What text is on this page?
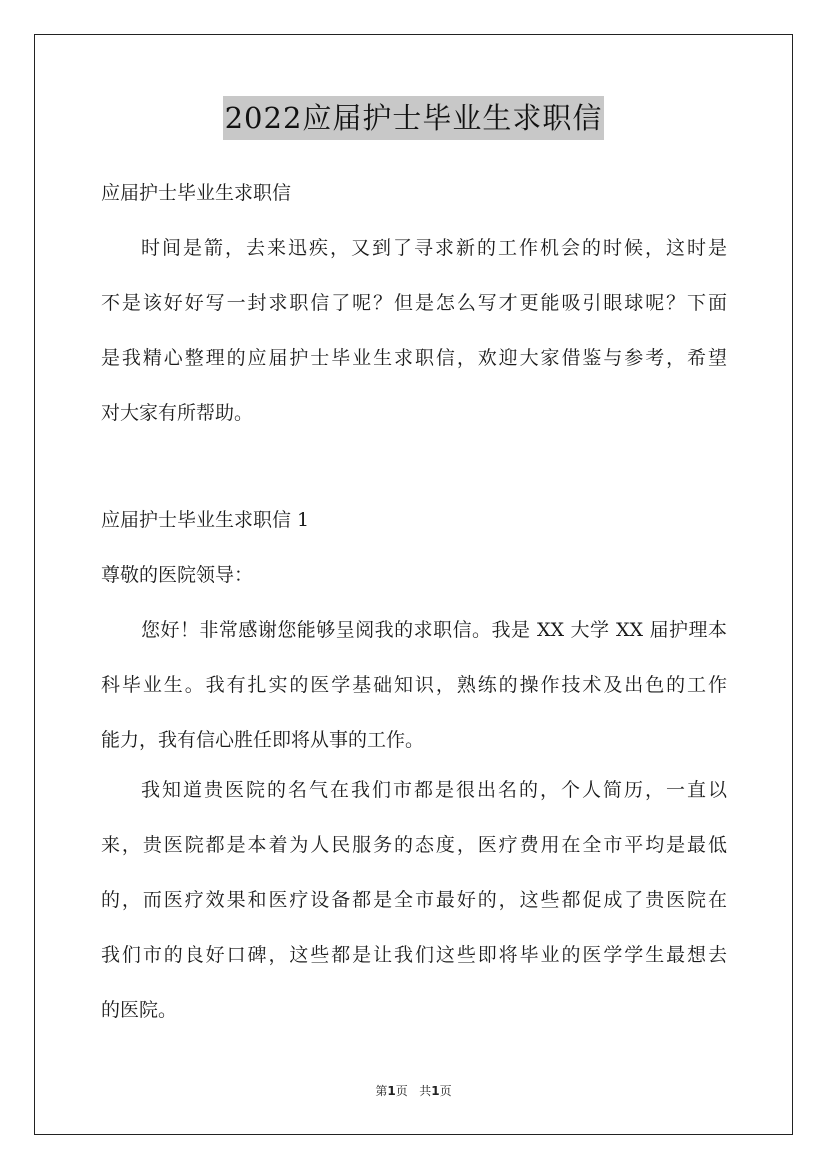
2022应届护士毕业生求职信
应届护士毕业生求职信
时间是箭，去来迅疾，又到了寻求新的工作机会的时候，这时是
不是该好好写一封求职信了呢？但是怎么写才更能吸引眼球呢？下面
是我精心整理的应届护士毕业生求职信，欢迎大家借鉴与参考，希望
对大家有所帮助。
应届护士毕业生求职信 1
尊敬的医院领导：
您好！非常感谢您能够呈阅我的求职信。我是 XX 大学 XX 届护理本
科毕业生。我有扎实的医学基础知识，熟练的操作技术及出色的工作
能力，我有信心胜任即将从事的工作。
我知道贵医院的名气在我们市都是很出名的，个人简历，一直以
来，贵医院都是本着为人民服务的态度，医疗费用在全市平均是最低
的，而医疗效果和医疗设备都是全市最好的，这些都促成了贵医院在
我们市的良好口碑，这些都是让我们这些即将毕业的医学学生最想去
的医院。
第1页 共1页
